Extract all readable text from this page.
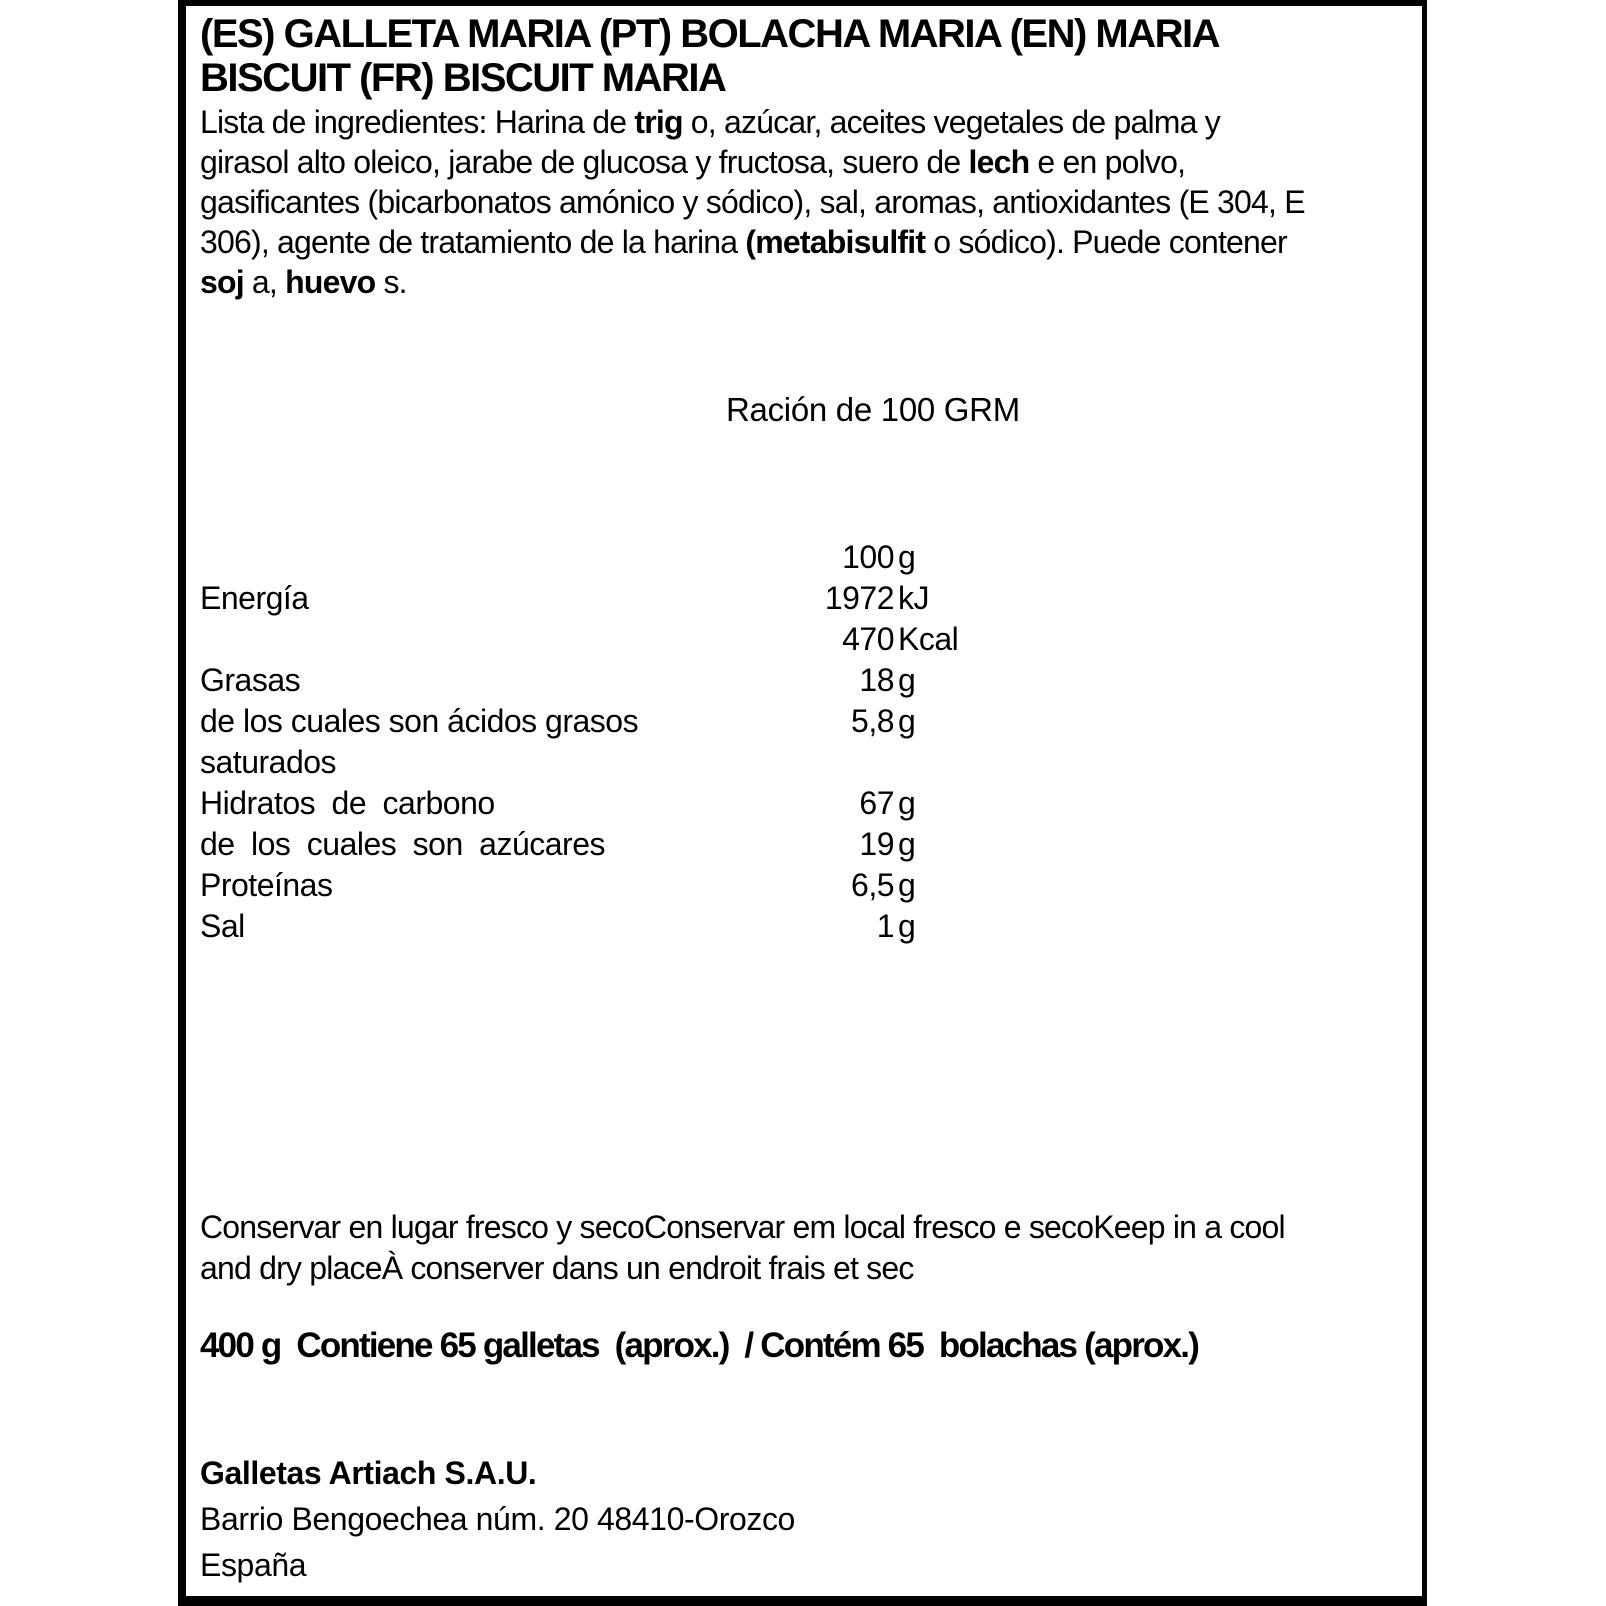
(ES) GALLETA MARIA (PT) BOLACHA MARIA (EN) MARIA
BISCUIT (FR) BISCUIT MARIA
Lista de ingredientes: Harina de trig o, azúcar, aceites vegetales de palma y
girasol alto oleico, jarabe de glucosa y fructosa, suero de lech e en polvo,
gasificantes (bicarbonatos amónico y sódico), sal, aromas, antioxidantes (E 304, E
306), agente de tratamiento de la harina (metabisulfit o sódico). Puede contener
soj a, huevo s.
Ración de 100 GRM
100 g
Energía	1972 kJ
470 Kcal
Grasas	18 g
de los cuales son ácidos grasos	5,8 g
saturados
Hidratos de carbono	67 g
de los cuales son azúcares	19 g
Proteínas	6,5 g
Sal	1 g
Conservar en lugar fresco y secoConservar em local fresco e secoKeep in a cool
and dry placeÀ conserver dans un endroit frais et sec
400 g  Contiene 65 galletas  (aprox.)  / Contém 65  bolachas (aprox.)
Galletas Artiach S.A.U.
Barrio Bengoechea núm. 20 48410-Orozco
España
